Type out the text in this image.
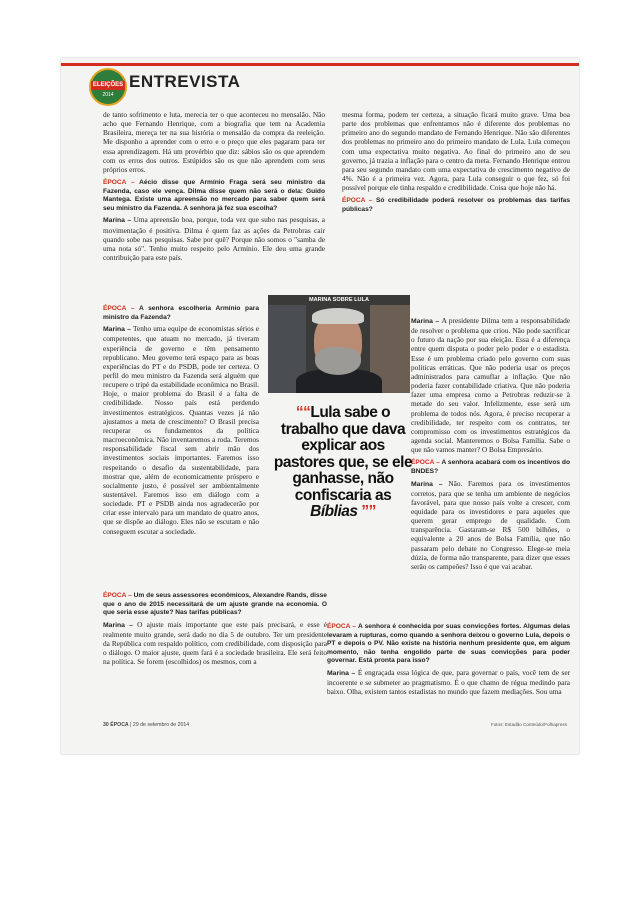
ELEIÇÕES
2014
ENTREVISTA

de tanto sofrimento e luta, merecia ter o que aconteceu no mensalão. Não acho que Fernando Henrique, com a biografia que tem na Academia Brasileira, mereça ter na sua história o mensalão da compra da reeleição. Me disponho a aprender com o erro e o preço que eles pagaram para ter essa aprendizagem. Há um provérbio que diz: sábios são os que aprendem com os erros dos outros. Estúpidos são os que não aprendem com seus próprios erros.

ÉPOCA – Aécio disse que Armínio Fraga será seu ministro da Fazenda, caso ele vença. Dilma disse quem não será o dela: Guido Mantega. Existe uma apreensão no mercado para saber quem será seu ministro da Fazenda. A senhora já fez sua escolha?

Marina – Uma apreensão boa, porque, toda vez que subo nas pesquisas, a movimentação é positiva. Dilma é quem faz as ações da Petrobras cair quando sobe nas pesquisas. Sabe por quê? Porque não somos o "samba de uma nota só". Tenho muito respeito pelo Armínio. Ele deu uma grande contribuição para este país.

ÉPOCA – A senhora escolheria Armínio para ministro da Fazenda?

Marina – Tenho uma equipe de economistas sérios e competentes, que atuam no mercado, já tiveram experiência de governo e têm pensamento republicano. Meu governo terá espaço para as boas experiências do PT e do PSDB, pode ter certeza. O perfil do meu ministro da Fazenda será alguém que recupere o tripé da estabilidade econômica no Brasil. Hoje, o maior problema do Brasil é a falta de credibilidade. Nosso país está perdendo investimentos estratégicos. Quantas vezes já não ajustamos a meta de crescimento? O Brasil precisa recuperar os fundamentos da política macroeconômica. Não inventaremos a roda. Teremos responsabilidade fiscal sem abrir mão dos investimentos sociais importantes. Faremos isso respeitando o desafio da sustentabilidade, para mostrar que, além de economicamente próspero e socialmente justo, é possível ser ambientalmente sustentável. Faremos isso em diálogo com a sociedade. PT e PSDB ainda nos agradecerão por criar esse intervalo para um mandato de quatro anos, que se dispõe ao diálogo. Eles não se escutam e não conseguem escutar a sociedade.

ÉPOCA – Um de seus assessores econômicos, Alexandre Rands, disse que o ano de 2015 necessitará de um ajuste grande na economia. O que seria esse ajuste? Nas tarifas públicas?

Marina – O ajuste mais importante que este país precisará, e esse é realmente muito grande, será dado no dia 5 de outubro. Ter um presidente da República com respaldo político, com credibilidade, com disposição para o diálogo. O maior ajuste, quem fará é a sociedade brasileira. Ele será feito na política. Se forem (escolhidos) os mesmos, com a

mesma forma, podem ter certeza, a situação ficará muito grave. Uma boa parte dos problemas que enfrentamos não é diferente dos problemas no primeiro ano do segundo mandato de Fernando Henrique. Não são diferentes dos problemas no primeiro ano do primeiro mandato de Lula. Lula começou com uma expectativa muito negativa. Ao final do primeiro ano de seu governo, já trazia a inflação para o centro da meta. Fernando Henrique entrou para seu segundo mandato com uma expectativa de crescimento negativo de 4%. Não é a primeira vez. Agora, para Lula conseguir o que fez, só foi possível porque ele tinha respaldo e credibilidade. Coisa que hoje não há.

ÉPOCA – Só credibilidade poderá resolver os problemas das tarifas públicas?

Marina – A presidente Dilma tem a responsabilidade de resolver o problema que criou. Não pode sacrificar o futuro da nação por sua eleição. Essa é a diferença entre quem disputa o poder pelo poder e o estadista. Esse é um problema criado pelo governo com suas políticas erráticas. Que não poderia usar os preços administrados para camuflar a inflação. Que não poderia fazer contabilidade criativa. Que não poderia fazer uma empresa como a Petrobras reduzir-se à metade do seu valor. Infelizmente, esse será um problema de todos nós. Agora, é preciso recuperar a credibilidade, ter respeito com os contratos, ter compromisso com os investimentos estratégicos da agenda social. Manteremos o Bolsa Família. Sabe o que não vamos manter? O Bolsa Empresário.

ÉPOCA – A senhora acabará com os incentivos do BNDES?

Marina – Não. Faremos para os investimentos corretos, para que se tenha um ambiente de negócios favorável, para que nosso país volte a crescer, com equidade para os investidores e para aqueles que querem gerar emprego de qualidade. Com transparência. Gastaram-se R$ 500 bilhões, o equivalente a 20 anos de Bolsa Família, que não passaram pelo debate no Congresso. Elege-se meia dúzia, de forma não transparente, para dizer que esses serão os campeões? Isso é que vai acabar.

ÉPOCA – A senhora é conhecida por suas convicções fortes. Algumas delas levaram a rupturas, como quando a senhora deixou o governo Lula, depois o PT e depois o PV. Não existe na história nenhum presidente que, em algum momento, não tenha engolido parte de suas convicções para poder governar. Está pronta para isso?

Marina – É engraçada essa lógica de que, para governar o país, você tem de ser incoerente e se submeter ao pragmatismo. É o que chamo de régua medindo para baixo. Olha, existem tantos estadistas no mundo que fazem mediações. Sou uma

MARINA SOBRE LULA
““Lula sabe o trabalho que dava explicar aos pastores que, se ele ganhasse, não confiscaria as Bíblias ””
30 ÉPOCA | 29 de setembro de 2014	Fotos: Estadão Conteúdo/Folhapress
